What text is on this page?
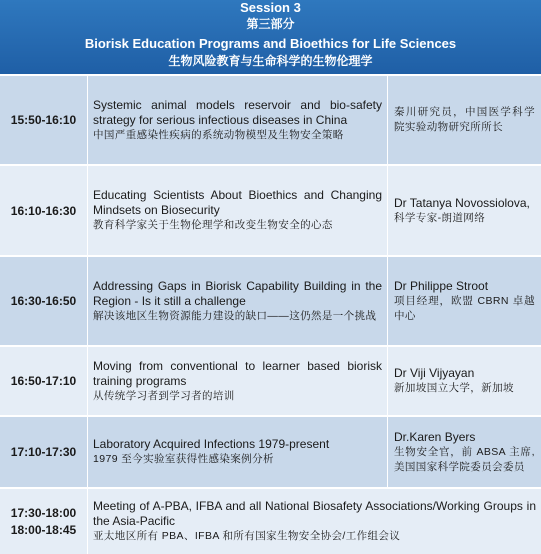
Session 3
第三部分
Biorisk Education Programs and Bioethics for Life Sciences
生物风险教育与生命科学的生物伦理学
15:50-16:10
Systemic animal models reservoir and bio-safety strategy for serious infectious diseases in China
中国严重感染性疾病的系统动物模型及生物安全策略
秦川研究员，中国医学科学院实验动物研究所所长
16:10-16:30
Educating Scientists About Bioethics and Changing Mindsets on Biosecurity
教育科学家关于生物伦理学和改变生物安全的心态
Dr Tatanya Novossiolova,
科学专家-朗道网络
16:30-16:50
Addressing Gaps in Biorisk Capability Building in the Region - Is it still a challenge
解决该地区生物资源能力建设的缺口——这仍然是一个挑战
Dr Philippe Stroot
项目经理，欧盟 CBRN 卓越中心
16:50-17:10
Moving from conventional to learner based biorisk training programs
从传统学习者到学习者的培训
Dr Viji Vijyayan
新加坡国立大学，新加坡
17:10-17:30
Laboratory Acquired Infections 1979-present
1979 至今实验室获得性感染案例分析
Dr.Karen Byers
生物安全官，前 ABSA 主席,美国国家科学院委员会委员
17:30-18:00
18:00-18:45
Meeting of A-PBA, IFBA and all National Biosafety Associations/Working Groups in the Asia-Pacific
亚太地区所有 PBA、IFBA 和所有国家生物安全协会/工作组会议
